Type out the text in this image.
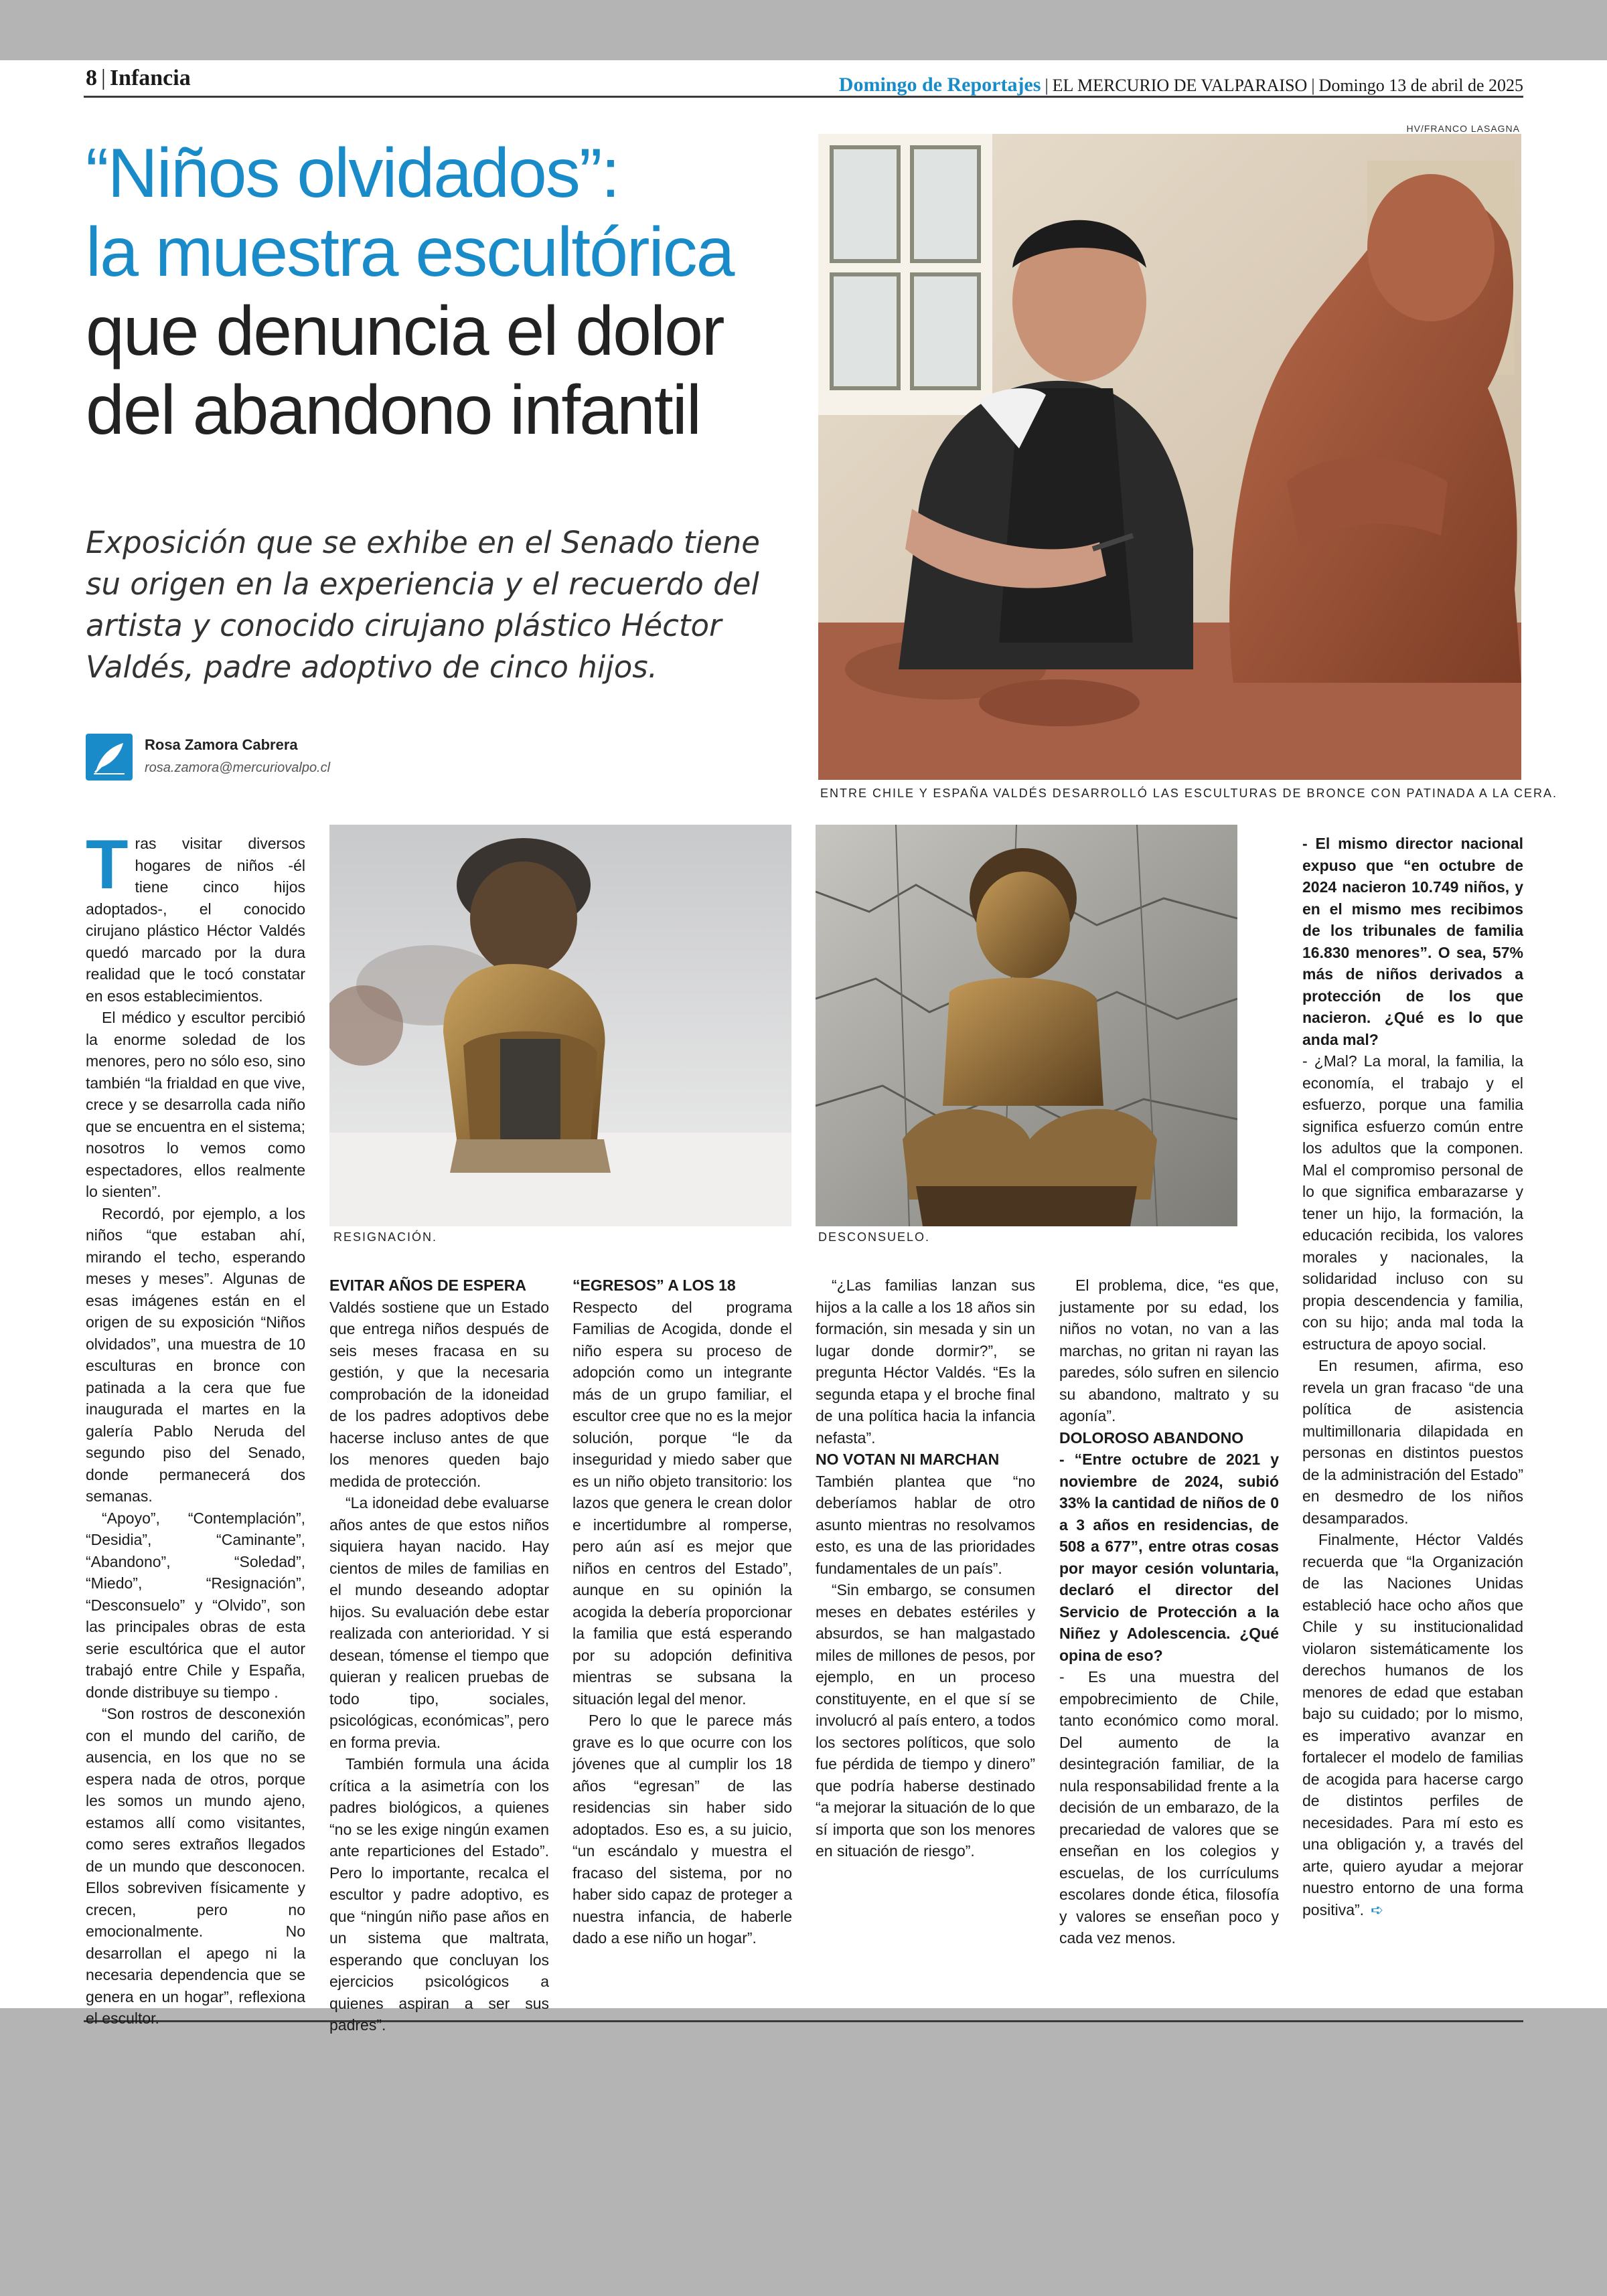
8 | Infancia	Domingo de Reportajes | EL MERCURIO DE VALPARAISO | Domingo 13 de abril de 2025
“Niños olvidados”:
la muestra escultórica
que denuncia el dolor
del abandono infantil
Exposición que se exhibe en el Senado tiene su origen en la experiencia y el recuerdo del artista y conocido cirujano plástico Héctor Valdés, padre adoptivo de cinco hijos.
Rosa Zamora Cabrera
rosa.zamora@mercuriovalpo.cl
HV/FRANCO LASAGNA
ENTRE CHILE Y ESPAÑA VALDÉS DESARROLLÓ LAS ESCULTURAS DE BRONCE CON PATINADA A LA CERA.
RESIGNACIÓN.	DESCONSUELO.

Tras visitar diversos hogares de niños -él tiene cinco hijos adoptados-, el conocido cirujano plástico Héctor Valdés quedó marcado por la dura realidad que le tocó constatar en esos establecimientos.

El médico y escultor percibió la enorme soledad de los menores, pero no sólo eso, sino también “la frialdad en que vive, crece y se desarrolla cada niño que se encuentra en el sistema; nosotros lo vemos como espectadores, ellos realmente lo sienten”.

Recordó, por ejemplo, a los niños “que estaban ahí, mirando el techo, esperando meses y meses”. Algunas de esas imágenes están en el origen de su exposición “Niños olvidados”, una muestra de 10 esculturas en bronce con patinada a la cera que fue inaugurada el martes en la galería Pablo Neruda del segundo piso del Senado, donde permanecerá dos semanas.

“Apoyo”, “Contemplación”, “Desidia”, “Caminante”, “Abandono”, “Soledad”, “Miedo”, “Resignación”, “Desconsuelo” y “Olvido”, son las principales obras de esta serie escultórica que el autor trabajó entre Chile y España, donde distribuye su tiempo .

“Son rostros de desconexión con el mundo del cariño, de ausencia, en los que no se espera nada de otros, porque les somos un mundo ajeno, estamos allí como visitantes, como seres extraños llegados de un mundo que desconocen. Ellos sobreviven físicamente y crecen, pero no emocionalmente. No desarrollan el apego ni la necesaria dependencia que se genera en un hogar”, reflexiona el escultor.

EVITAR AÑOS DE ESPERA

Valdés sostiene que un Estado que entrega niños después de seis meses fracasa en su gestión, y que la necesaria comprobación de la idoneidad de los padres adoptivos debe hacerse incluso antes de que los menores queden bajo medida de protección.

“La idoneidad debe evaluarse años antes de que estos niños siquiera hayan nacido. Hay cientos de miles de familias en el mundo deseando adoptar hijos. Su evaluación debe estar realizada con anterioridad. Y si desean, tómense el tiempo que quieran y realicen pruebas de todo tipo, sociales, psicológicas, económicas”, pero en forma previa.

También formula una ácida crítica a la asimetría con los padres biológicos, a quienes “no se les exige ningún examen ante reparticiones del Estado”. Pero lo importante, recalca el escultor y padre adoptivo, es que “ningún niño pase años en un sistema que maltrata, esperando que concluyan los ejercicios psicológicos a quienes aspiran a ser sus padres”.

“EGRESOS” A LOS 18

Respecto del programa Familias de Acogida, donde el niño espera su proceso de adopción como un integrante más de un grupo familiar, el escultor cree que no es la mejor solución, porque “le da inseguridad y miedo saber que es un niño objeto transitorio: los lazos que genera le crean dolor e incertidumbre al romperse, pero aún así es mejor que niños en centros del Estado”, aunque en su opinión la acogida la debería proporcionar la familia que está esperando por su adopción definitiva mientras se subsana la situación legal del menor.

Pero lo que le parece más grave es lo que ocurre con los jóvenes que al cumplir los 18 años “egresan” de las residencias sin haber sido adoptados. Eso es, a su juicio, “un escándalo y muestra el fracaso del sistema, por no haber sido capaz de proteger a nuestra infancia, de haberle dado a ese niño un hogar”.

“¿Las familias lanzan sus hijos a la calle a los 18 años sin formación, sin mesada y sin un lugar donde dormir?”, se pregunta Héctor Valdés. “Es la segunda etapa y el broche final de una política hacia la infancia nefasta”.

NO VOTAN NI MARCHAN

También plantea que “no deberíamos hablar de otro asunto mientras no resolvamos esto, es una de las prioridades fundamentales de un país”.

“Sin embargo, se consumen meses en debates estériles y absurdos, se han malgastado miles de millones de pesos, por ejemplo, en un proceso constituyente, en el que sí se involucró al país entero, a todos los sectores políticos, que solo fue pérdida de tiempo y dinero” que podría haberse destinado “a mejorar la situación de lo que sí importa que son los menores en situación de riesgo”.

El problema, dice, “es que, justamente por su edad, los niños no votan, no van a las marchas, no gritan ni rayan las paredes, sólo sufren en silencio su abandono, maltrato y su agonía”.

DOLOROSO ABANDONO

- “Entre octubre de 2021 y noviembre de 2024, subió 33% la cantidad de niños de 0 a 3 años en residencias, de 508 a 677”, entre otras cosas por mayor cesión voluntaria, declaró el director del Servicio de Protección a la Niñez y Adolescencia. ¿Qué opina de eso?

- Es una muestra del empobrecimiento de Chile, tanto económico como moral. Del aumento de la desintegración familiar, de la nula responsabilidad frente a la decisión de un embarazo, de la precariedad de valores que se enseñan en los colegios y escuelas, de los currículums escolares donde ética, filosofía y valores se enseñan poco y cada vez menos.

- El mismo director nacional expuso que “en octubre de 2024 nacieron 10.749 niños, y en el mismo mes recibimos de los tribunales de familia 16.830 menores”. O sea, 57% más de niños derivados a protección de los que nacieron. ¿Qué es lo que anda mal?

- ¿Mal? La moral, la familia, la economía, el trabajo y el esfuerzo, porque una familia significa esfuerzo común entre los adultos que la componen. Mal el compromiso personal de lo que significa embarazarse y tener un hijo, la formación, la educación recibida, los valores morales y nacionales, la solidaridad incluso con su propia descendencia y familia, con su hijo; anda mal toda la estructura de apoyo social.

En resumen, afirma, eso revela un gran fracaso “de una política de asistencia multimillonaria dilapidada en personas en distintos puestos de la administración del Estado” en desmedro de los niños desamparados.

Finalmente, Héctor Valdés recuerda que “la Organización de las Naciones Unidas estableció hace ocho años que Chile y su institucionalidad violaron sistemáticamente los derechos humanos de los menores de edad que estaban bajo su cuidado; por lo mismo, es imperativo avanzar en fortalecer el modelo de familias de acogida para hacerse cargo de distintos perfiles de necesidades. Para mí esto es una obligación y, a través del arte, quiero ayudar a mejorar nuestro entorno de una forma positiva”. ➪
